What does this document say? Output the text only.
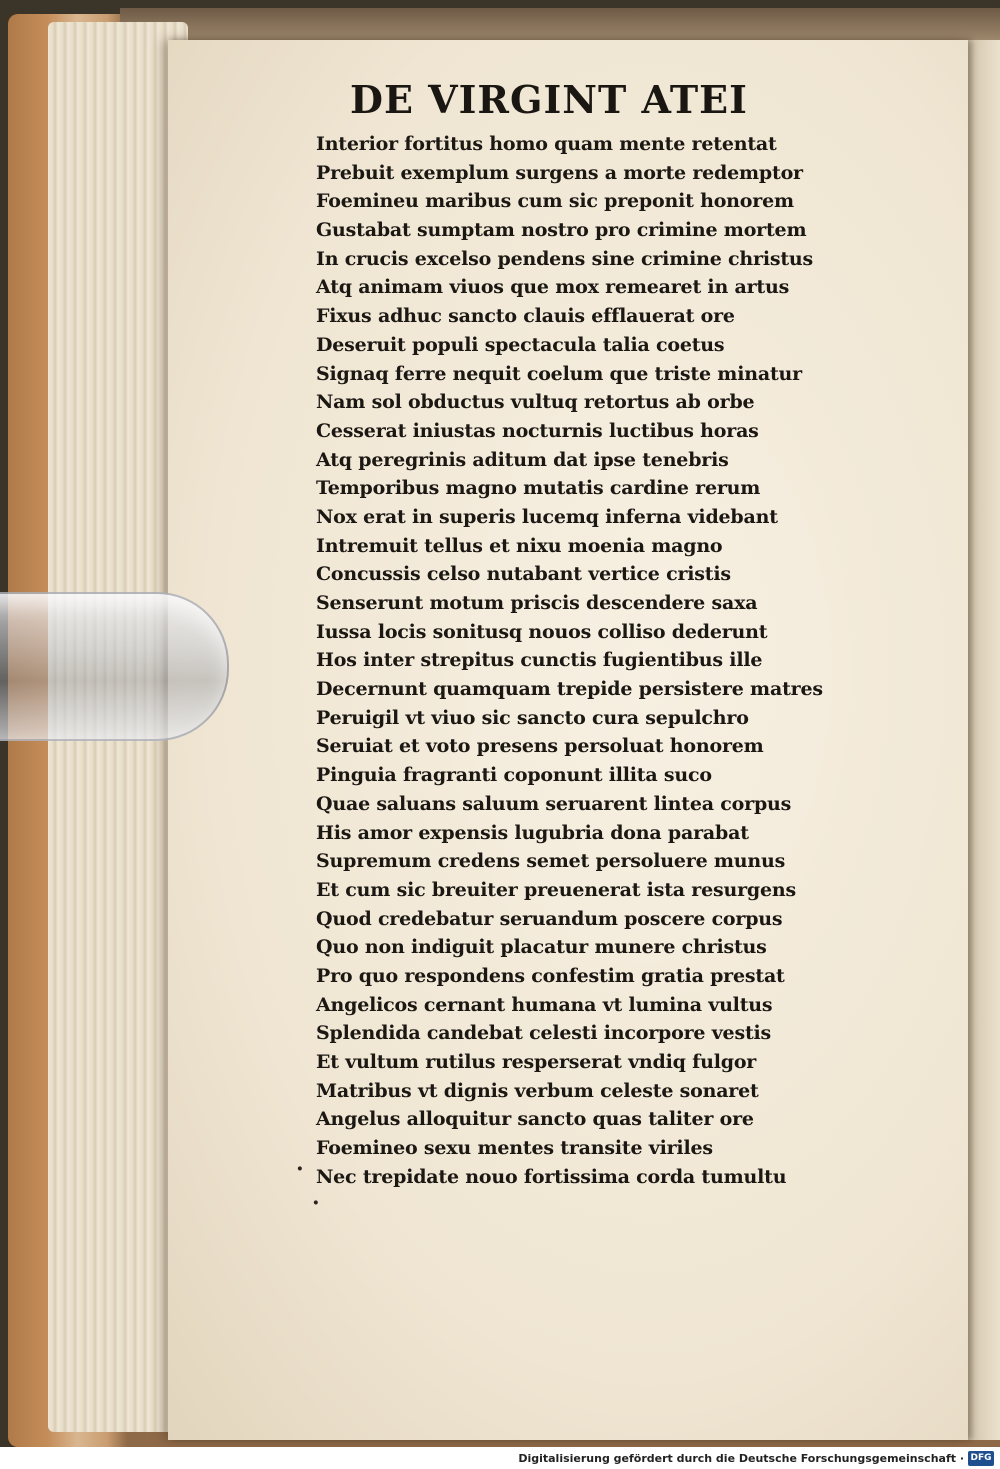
DE VIRGINT ATEI
Interior fortitus homo quam mente retentat
Prebuit exemplum surgens a morte redemptor
Foemineu maribus cum sic preponit honorem
Gustabat sumptam nostro pro crimine mortem
In crucis excelso pendens sine crimine christus
Atq animam viuos que mox remearet in artus
Fixus adhuc sancto clauis efflauerat ore
Deseruit populi spectacula talia coetus
Signaq ferre nequit coelum que triste minatur
Nam sol obductus vultuq retortus ab orbe
Cesserat iniustas nocturnis luctibus horas
Atq peregrinis aditum dat ipse tenebris
Temporibus magno mutatis cardine rerum
Nox erat in superis lucemq inferna videbant
Intremuit tellus et nixu moenia magno
Concussis celso nutabant vertice cristis
Senserunt motum priscis descendere saxa
Iussa locis sonitusq nouos colliso dederunt
Hos inter strepitus cunctis fugientibus ille
Decernunt quamquam trepide persistere matres
Peruigil vt viuo sic sancto cura sepulchro
Seruiat et voto presens persoluat honorem
Pinguia fragranti coponunt illita suco
Quae saluans saluum seruarent lintea corpus
His amor expensis lugubria dona parabat
Supremum credens semet persoluere munus
Et cum sic breuiter preuenerat ista resurgens
Quod credebatur seruandum poscere corpus
Quo non indiguit placatur munere christus
Pro quo respondens confestim gratia prestat
Angelicos cernant humana vt lumina vultus
Splendida candebat celesti incorpore vestis
Et vultum rutilus resperserat vndiq fulgor
Matribus vt dignis verbum celeste sonaret
Angelus alloquitur sancto quas taliter ore
Foemineo sexu mentes transite viriles
Nec trepidate nouo fortissima corda tumultu
·
·
Digitalisierung gefördert durch die Deutsche Forschungsgemeinschaft · DFG
